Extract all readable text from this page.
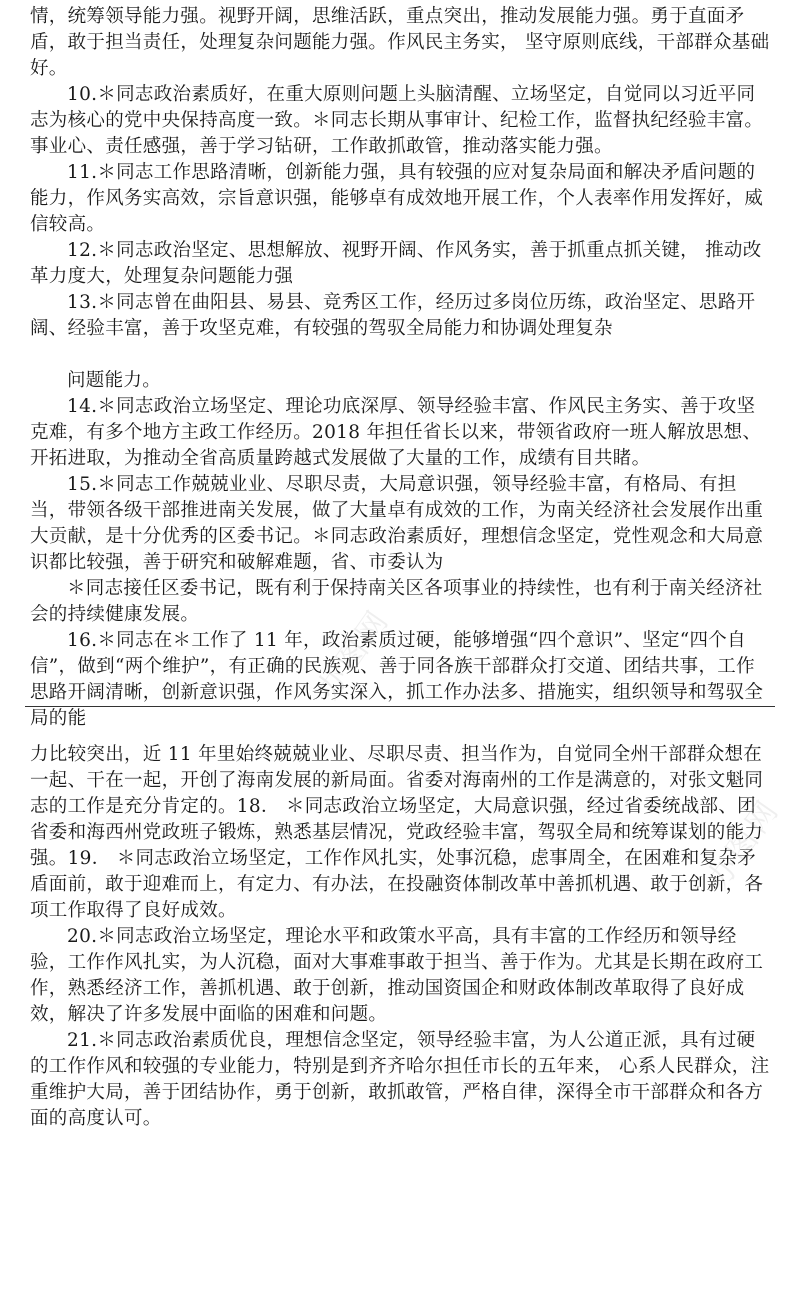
情，统筹领导能力强。视野开阔，思维活跃，重点突出，推动发展能力强。勇于直面矛盾，敢于担当责任，处理复杂问题能力强。作风民主务实， 坚守原则底线，干部群众基础好。

10.＊同志政治素质好，在重大原则问题上头脑清醒、立场坚定，自觉同以习近平同志为核心的党中央保持高度一致。＊同志长期从事审计、纪检工作，监督执纪经验丰富。事业心、责任感强，善于学习钻研，工作敢抓敢管，推动落实能力强。

11.＊同志工作思路清晰，创新能力强，具有较强的应对复杂局面和解决矛盾问题的能力，作风务实高效，宗旨意识强，能够卓有成效地开展工作，个人表率作用发挥好，威信较高。

12.＊同志政治坚定、思想解放、视野开阔、作风务实，善于抓重点抓关键， 推动改革力度大，处理复杂问题能力强

13.＊同志曾在曲阳县、易县、竞秀区工作，经历过多岗位历练，政治坚定、思路开阔、经验丰富，善于攻坚克难，有较强的驾驭全局能力和协调处理复杂

问题能力。

14.＊同志政治立场坚定、理论功底深厚、领导经验丰富、作风民主务实、善于攻坚克难，有多个地方主政工作经历。2018 年担任省长以来，带领省政府一班人解放思想、开拓进取，为推动全省高质量跨越式发展做了大量的工作，成绩有目共睹。

15.＊同志工作兢兢业业、尽职尽责，大局意识强，领导经验丰富，有格局、有担当，带领各级干部推进南关发展，做了大量卓有成效的工作，为南关经济社会发展作出重大贡献，是十分优秀的区委书记。＊同志政治素质好，理想信念坚定，党性观念和大局意识都比较强，善于研究和破解难题，省、市委认为

＊同志接任区委书记，既有利于保持南关区各项事业的持续性，也有利于南关经济社会的持续健康发展。

16.＊同志在＊工作了 11 年，政治素质过硬，能够增强“四个意识”、坚定“四个自信”，做到“两个维护”，有正确的民族观、善于同各族干部群众打交道、团结共事，工作思路开阔清晰，创新意识强，作风务实深入，抓工作办法多、措施实，组织领导和驾驭全局的能

力比较突出，近 11 年里始终兢兢业业、尽职尽责、担当作为，自觉同全州干部群众想在一起、干在一起，开创了海南发展的新局面。省委对海南州的工作是满意的，对张文魁同志的工作是充分肯定的。18． ＊同志政治立场坚定，大局意识强，经过省委统战部、团省委和海西州党政班子锻炼，熟悉基层情况，党政经验丰富，驾驭全局和统筹谋划的能力强。19． ＊同志政治立场坚定，工作作风扎实，处事沉稳，虑事周全，在困难和复杂矛盾面前，敢于迎难而上，有定力、有办法，在投融资体制改革中善抓机遇、敢于创新，各项工作取得了良好成效。

20.＊同志政治立场坚定，理论水平和政策水平高，具有丰富的工作经历和领导经验，工作作风扎实，为人沉稳，面对大事难事敢于担当、善于作为。尤其是长期在政府工作，熟悉经济工作，善抓机遇、敢于创新，推动国资国企和财政体制改革取得了良好成效，解决了许多发展中面临的困难和问题。

21.＊同志政治素质优良，理想信念坚定，领导经验丰富，为人公道正派，具有过硬的工作作风和较强的专业能力，特别是到齐齐哈尔担任市长的五年来， 心系人民群众，注重维护大局，善于团结协作，勇于创新，敢抓敢管，严格自律，深得全市干部群众和各方面的高度认可。

办图网
办图网
